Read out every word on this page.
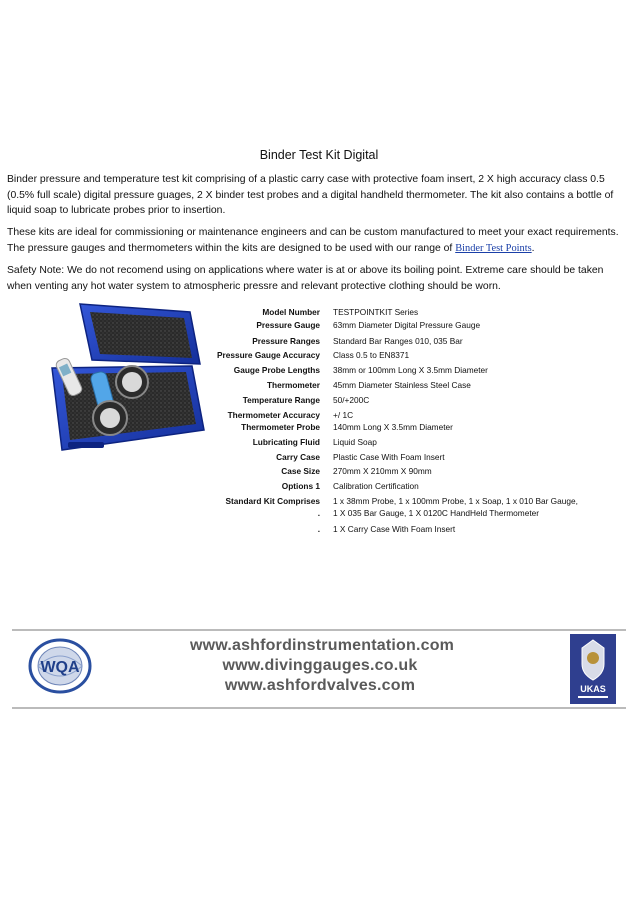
Binder Test Kit Digital

Binder pressure and temperature test kit comprising of a plastic carry case with protective foam insert, 2 X high accuracy class 0.5 (0.5% full scale) digital pressure guages, 2 X binder test probes and a digital handheld thermometer. The kit also contains a bottle of liquid soap to lubricate probes prior to insertion.

These kits are ideal for commissioning or maintenance engineers and can be custom manufactured to meet your exact requirements. The pressure gauges and thermometers within the kits are designed to be used with our range of Binder Test Points.

Safety Note: We do not recomend using on applications where water is at or above its boiling point. Extreme care should be taken when venting any hot water system to atmospheric pressre and relevant protective clothing should be worn.

Model Number TESTPOINTKIT Series
Pressure Gauge 63mm Diameter Digital Pressure Gauge
Pressure Ranges Standard Bar Ranges 010, 035 Bar
Pressure Gauge Accuracy Class 0.5 to EN8371
Gauge Probe Lengths 38mm or 100mm Long X 3.5mm Diameter
Thermometer 45mm Diameter Stainless Steel Case
Temperature Range 50/+200C
Thermometer Accuracy +/ 1C
Thermometer Probe 140mm Long X 3.5mm Diameter
Lubricating Fluid Liquid Soap
Carry Case Plastic Case With Foam Insert
Case Size 270mm X 210mm X 90mm
Options 1 Calibration Certification
Standard Kit Comprises 1 x 38mm Probe, 1 x 100mm Probe, 1 x Soap, 1 x 010 Bar Gauge,
. 1 X 035 Bar Gauge, 1 X 0120C HandHeld Thermometer
. 1 X Carry Case With Foam Insert
WQA
www.ashfordinstrumentation.com
www.divinggauges.co.uk
www.ashfordvalves.com	UKAS
